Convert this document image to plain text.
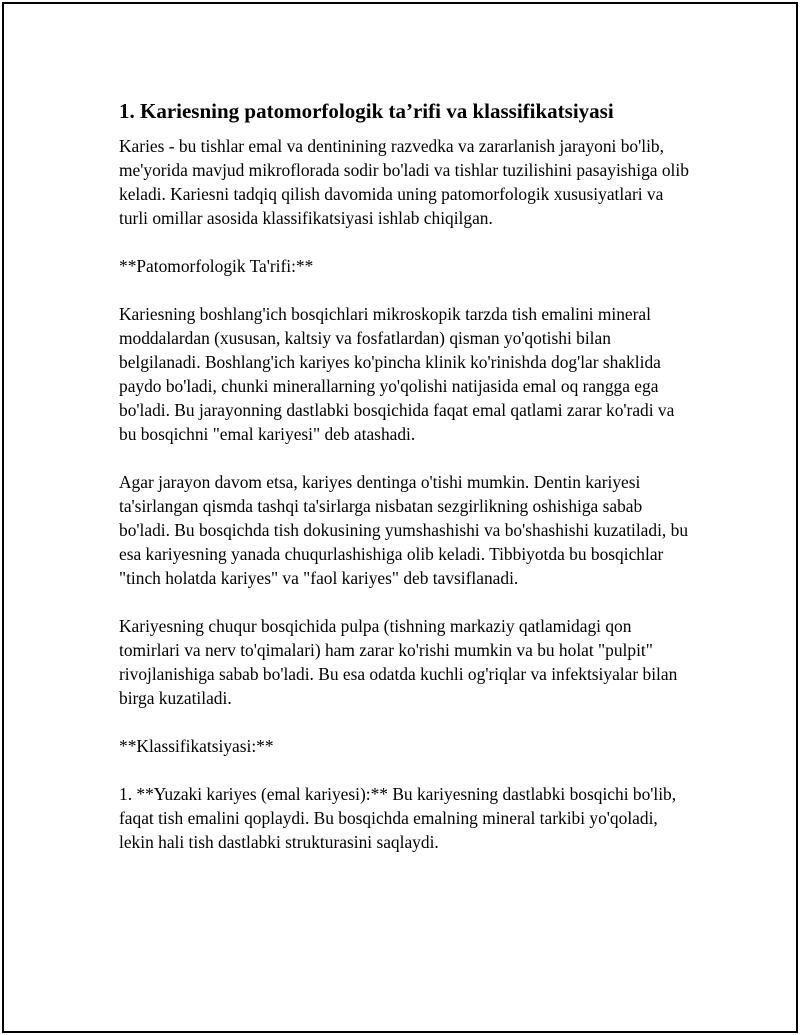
1. Kariesning patomorfologik ta’rifi va klassifikatsiyasi

Karies - bu tishlar emal va dentinining razvedka va zararlanish jarayoni bo'lib, me'yorida mavjud mikroflorada sodir bo'ladi va tishlar tuzilishini pasayishiga olib keladi. Kariesni tadqiq qilish davomida uning patomorfologik xususiyatlari va turli omillar asosida klassifikatsiyasi ishlab chiqilgan.

**Patomorfologik Ta'rifi:**

Kariesning boshlang'ich bosqichlari mikroskopik tarzda tish emalini mineral moddalardan (xususan, kaltsiy va fosfatlardan) qisman yo'qotishi bilan belgilanadi. Boshlang'ich kariyes ko'pincha klinik ko'rinishda dog'lar shaklida paydo bo'ladi, chunki minerallarning yo'qolishi natijasida emal oq rangga ega bo'ladi. Bu jarayonning dastlabki bosqichida faqat emal qatlami zarar ko'radi va bu bosqichni "emal kariyesi" deb atashadi.

Agar jarayon davom etsa, kariyes dentinga o'tishi mumkin. Dentin kariyesi ta'sirlangan qismda tashqi ta'sirlarga nisbatan sezgirlikning oshishiga sabab bo'ladi. Bu bosqichda tish dokusining yumshashishi va bo'shashishi kuzatiladi, bu esa kariyesning yanada chuqurlashishiga olib keladi. Tibbiyotda bu bosqichlar "tinch holatda kariyes" va "faol kariyes" deb tavsiflanadi.

Kariyesning chuqur bosqichida pulpa (tishning markaziy qatlamidagi qon tomirlari va nerv to'qimalari) ham zarar ko'rishi mumkin va bu holat "pulpit" rivojlanishiga sabab bo'ladi. Bu esa odatda kuchli og'riqlar va infektsiyalar bilan birga kuzatiladi.

**Klassifikatsiyasi:**

1. **Yuzaki kariyes (emal kariyesi):** Bu kariyesning dastlabki bosqichi bo'lib, faqat tish emalini qoplaydi. Bu bosqichda emalning mineral tarkibi yo'qoladi, lekin hali tish dastlabki strukturasini saqlaydi.
